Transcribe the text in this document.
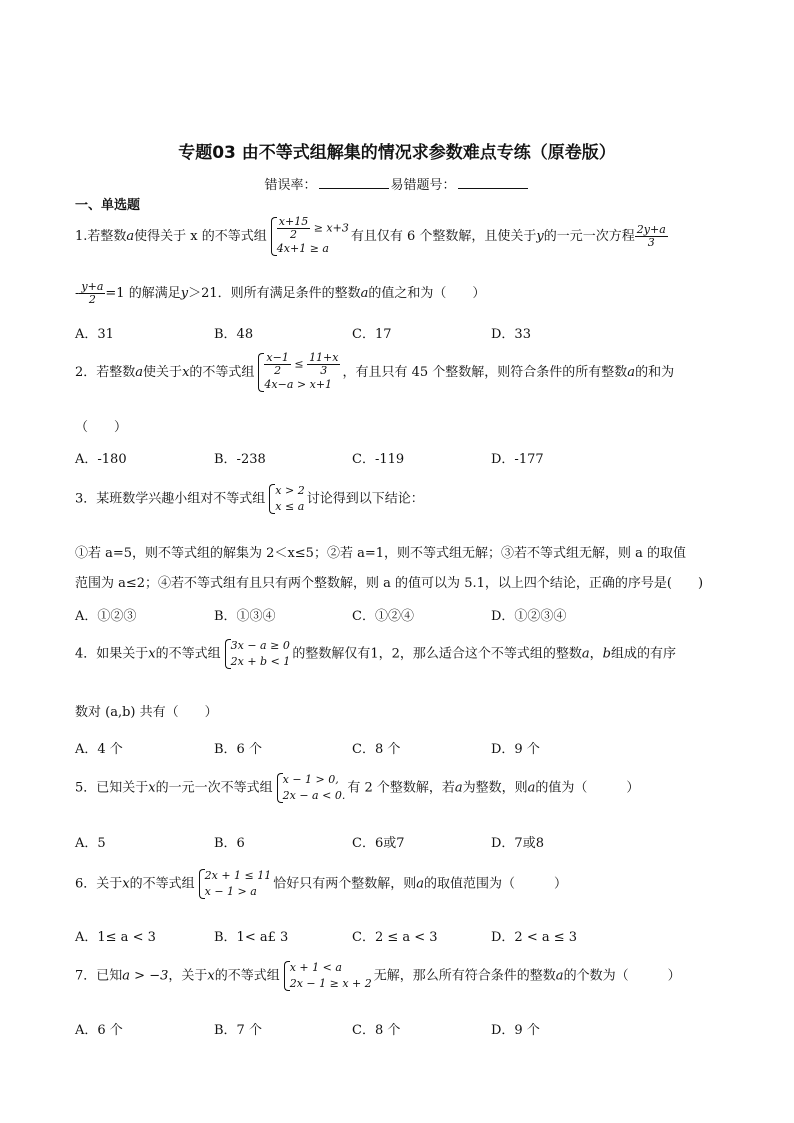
专题03 由不等式组解集的情况求参数难点专练（原卷版）
错误率：	易错题号：
一、单选题
1.若整数a使得关于 x 的不等式组 $\frac{x+15}{2} \ge x+3$
4x+1 ≥ a
有且仅有 6 个整数解，且使关于y的一元一次方程 $\frac{2y+a}{3}$
- $\frac{y+a}{2} =1$ 的解满足y＞21．则所有满足条件的整数a的值之和为（　　）
A．31	B．48	C．17	D．33
2．若整数a使关于x的不等式组 $\frac{x-1}{2} \le \frac{11+x}{3}$
4x−a > x+1
，有且只有 45 个整数解，则符合条件的所有整数a的和为
（　　）
A．-180	B．-238	C．-119	D．-177
3．某班数学兴趣小组对不等式组
x > 2
x ≤ a 讨论得到以下结论：
①若 a=5，则不等式组的解集为 2＜x≤5；②若 a=1，则不等式组无解；③若不等式组无解，则 a 的取值
范围为 a≤2；④若不等式组有且只有两个整数解，则 a 的值可以为 5.1，以上四个结论，正确的序号是(　　)
A．①②③	B．①③④	C．①②④	D．①②③④
4．如果关于x的不等式组
3x − a ≥ 0
2x + b < 1 的整数解仅有1，2，那么适合这个不等式组的整数a，b组成的有序
数对 (a,b) 共有（　　）
A．4 个	B．6 个	C．8 个	D．9 个
5．已知关于x的一元一次不等式组
x − 1 > 0,
2x − a < 0. 有 2 个整数解，若a为整数，则a的值为（　　　）
A．5	B．6	C．6或7	D．7或8
6．关于x的不等式组
2x + 1 ≤ 11
x − 1 > a	恰好只有两个整数解，则a的取值范围为（　　　）
A．1≤ a < 3	B．1< a£ 3	C．2 ≤ a < 3	D．2 < a ≤ 3
7．已知a > −3，关于x的不等式组
x + 1 < a
2x − 1 ≥ x + 2 无解，那么所有符合条件的整数a的个数为（　　　）
A．6 个	B．7 个	C．8 个	D．9 个
